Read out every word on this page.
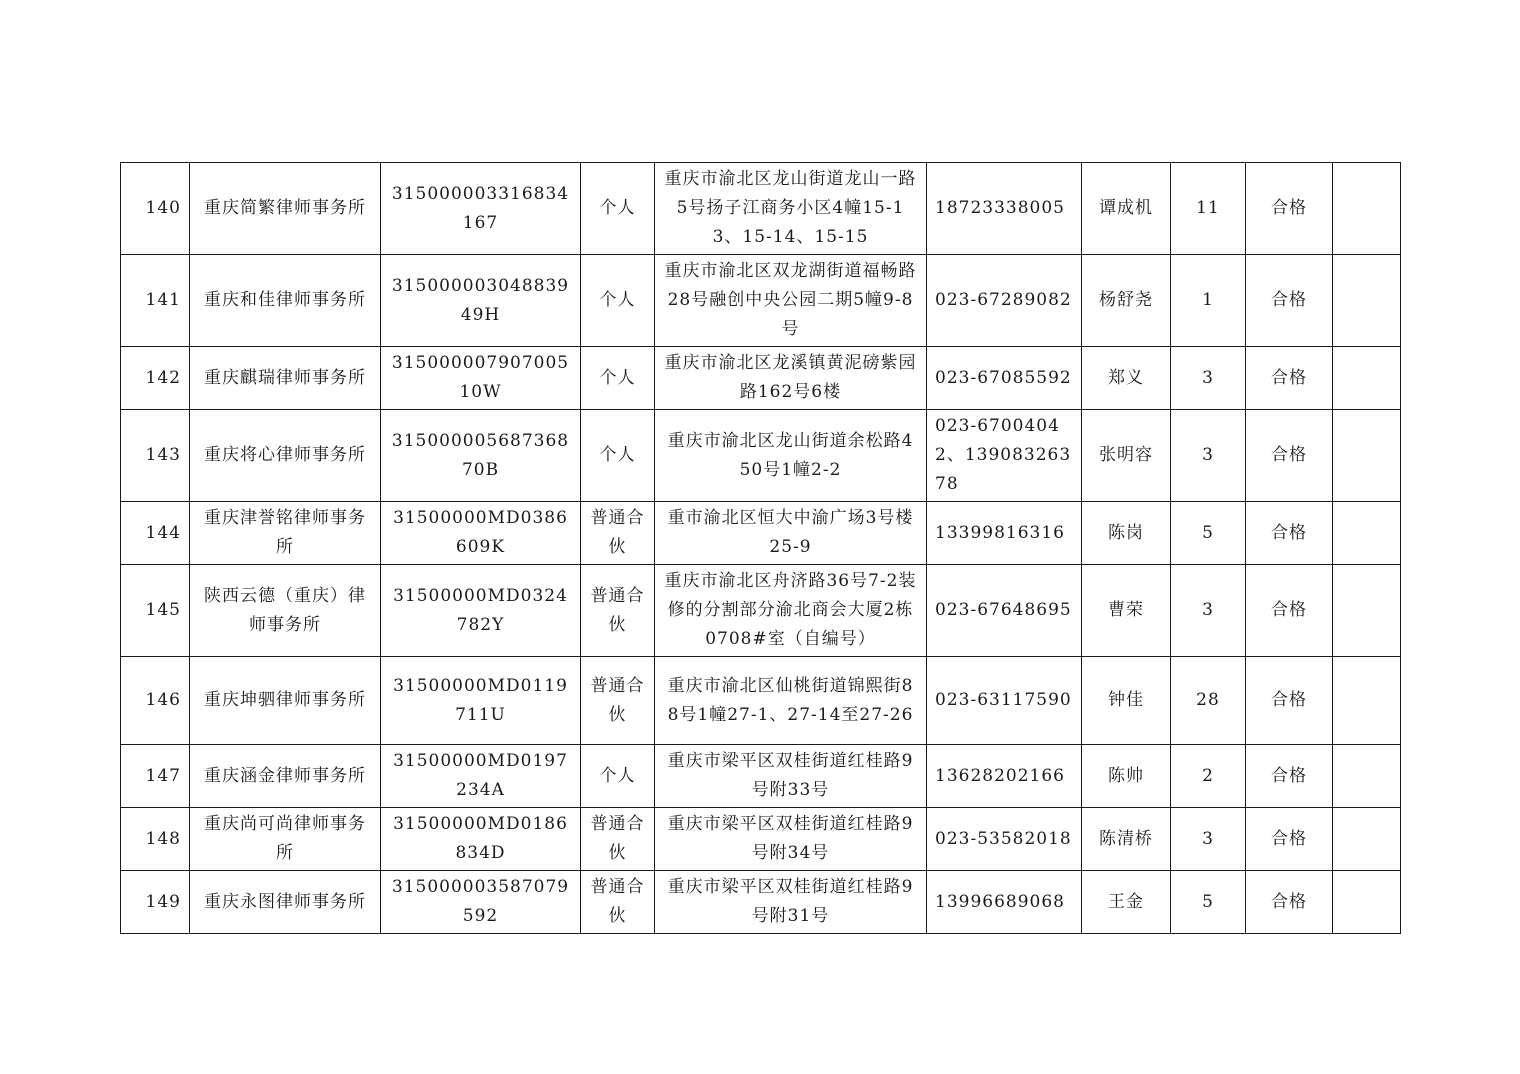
140	重庆简繁律师事务所	315000003316834167	个人	重庆市渝北区龙山街道龙山一路5号扬子江商务小区4幢15-13、15-14、15-15	18723338005	谭成机	11	合格	
141	重庆和佳律师事务所	31500000304883949H	个人	重庆市渝北区双龙湖街道福畅路28号融创中央公园二期5幢9-8号	023-67289082	杨舒尧	1	合格	
142	重庆麒瑞律师事务所	31500000790700510W	个人	重庆市渝北区龙溪镇黄泥磅紫园路162号6楼	023-67085592	郑义	3	合格	
143	重庆将心律师事务所	31500000568736870B	个人	重庆市渝北区龙山街道余松路450号1幢2-2	023-67004042、13908326378	张明容	3	合格	
144	重庆津誉铭律师事务所	31500000MD0386609K	普通合伙	重市渝北区恒大中渝广场3号楼25-9	13399816316	陈岗	5	合格	
145	陕西云德（重庆）律师事务所	31500000MD0324782Y	普通合伙	重庆市渝北区舟济路36号7-2装修的分割部分渝北商会大厦2栋0708#室（自编号）	023-67648695	曹荣	3	合格	
146	重庆坤驷律师事务所	31500000MD0119711U	普通合伙	重庆市渝北区仙桃街道锦熙街88号1幢27-1、27-14至27-26	023-63117590	钟佳	28	合格	
147	重庆涵金律师事务所	31500000MD0197234A	个人	重庆市梁平区双桂街道红桂路9号附33号	13628202166	陈帅	2	合格	
148	重庆尚可尚律师事务所	31500000MD0186834D	普通合伙	重庆市梁平区双桂街道红桂路9号附34号	023-53582018	陈清桥	3	合格	
149	重庆永图律师事务所	315000003587079592	普通合伙	重庆市梁平区双桂街道红桂路9号附31号	13996689068	王金	5	合格	
